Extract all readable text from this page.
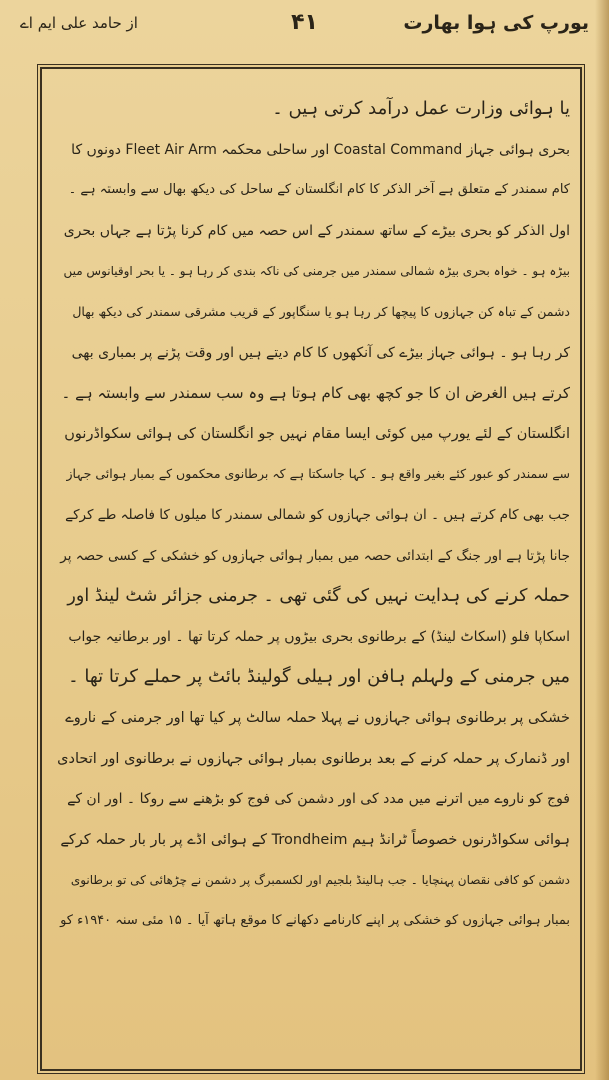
یورپ کی ہوا بھارت
۴۱
از حامد علی ایم اے
یا ہوائی وزارت عمل درآمد کرتی ہیں ۔
بحری ہوائی جہاز Coastal Command اور ساحلی محکمہ Fleet Air Arm دونوں کا
کام سمندر کے متعلق ہے آخر الذکر کا کام انگلستان کے ساحل کی دیکھ بھال سے وابستہ ہے ۔
اول الذکر کو بحری بیڑے کے ساتھ سمندر کے اس حصہ میں کام کرنا پڑتا ہے جہاں بحری
بیڑہ ہو ۔ خواہ بحری بیڑہ شمالی سمندر میں جرمنی کی ناکہ بندی کر رہا ہو ۔ یا بحر اوقیانوس میں
دشمن کے تباہ کن جہازوں کا پیچھا کر رہا ہو یا سنگاپور کے قریب مشرقی سمندر کی دیکھ بھال
کر رہا ہو ۔ ہوائی جہاز بیڑے کی آنکھوں کا کام دیتے ہیں اور وقت پڑنے پر بمباری بھی
کرتے ہیں الغرض ان کا جو کچھ بھی کام ہوتا ہے وہ سب سمندر سے وابستہ ہے ۔
انگلستان کے لئے یورپ میں کوئی ایسا مقام نہیں جو انگلستان کی ہوائی سکواڈرنوں
سے سمندر کو عبور کئے بغیر واقع ہو ۔ کہا جاسکتا ہے کہ برطانوی محکموں کے بمبار ہوائی جہاز
جب بھی کام کرتے ہیں ۔ ان ہوائی جہازوں کو شمالی سمندر کا میلوں کا فاصلہ طے کرکے
جانا پڑتا ہے اور جنگ کے ابتدائی حصہ میں بمبار ہوائی جہازوں کو خشکی کے کسی حصہ پر
حملہ کرنے کی ہدایت نہیں کی گئی تھی ۔ جرمنی جزائر شٹ لینڈ اور
اسکاپا فلو (اسکاٹ لینڈ) کے برطانوی بحری بیڑوں پر حملہ کرتا تھا ۔ اور برطانیہ جواب
میں جرمنی کے ولہلم ہافن اور ہیلی گولینڈ بائٹ پر حملے کرتا تھا ۔
خشکی پر برطانوی ہوائی جہازوں نے پہلا حملہ سالٹ پر کیا تھا اور جرمنی کے ناروے
اور ڈنمارک پر حملہ کرنے کے بعد برطانوی بمبار ہوائی جہازوں نے برطانوی اور اتحادی
فوج کو ناروے میں اترنے میں مدد کی اور دشمن کی فوج کو بڑھنے سے روکا ۔ اور ان کے
ہوائی سکواڈرنوں خصوصاً ٹرانڈ ہیم Trondheim کے ہوائی اڈے پر بار بار حملہ کرکے
دشمن کو کافی نقصان پہنچایا ۔ جب ہالینڈ بلجیم اور لکسمبرگ پر دشمن نے چڑھائی کی تو برطانوی
بمبار ہوائی جہازوں کو خشکی پر اپنے کارنامے دکھانے کا موقع ہاتھ آیا ۔ ۱۵ مئی سنہ ۱۹۴۰ء کو
